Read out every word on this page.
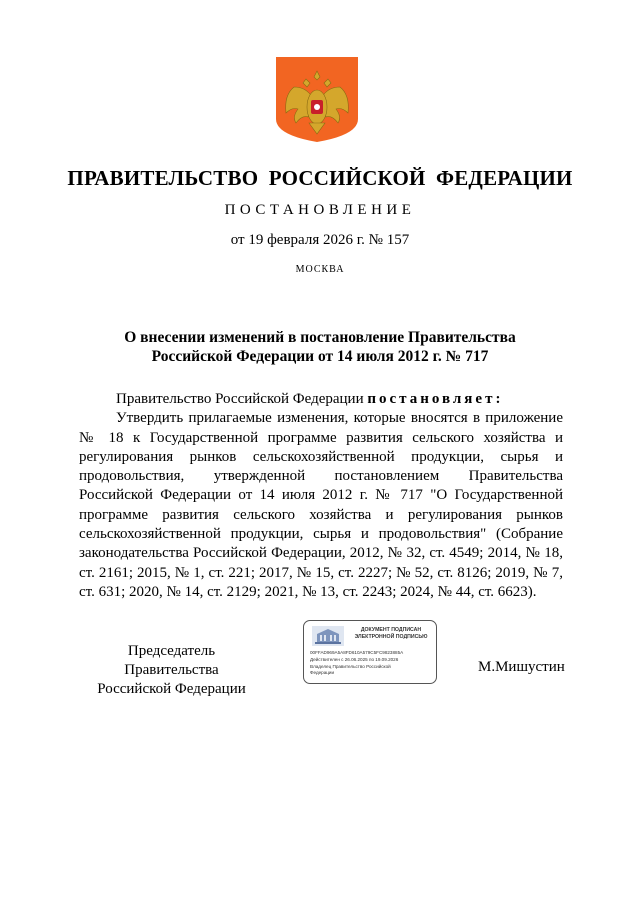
ПРАВИТЕЛЬСТВО РОССИЙСКОЙ ФЕДЕРАЦИИ
ПОСТАНОВЛЕНИЕ
от 19 февраля 2026 г. № 157
МОСКВА
О внесении изменений в постановление Правительства
Российской Федерации от 14 июля 2012 г. № 717

Правительство Российской Федерации постановляет:

Утвердить прилагаемые изменения, которые вносятся в приложение № 18 к Государственной программе развития сельского хозяйства и регулирования рынков сельскохозяйственной продукции, сырья и продовольствия, утвержденной постановлением Правительства Российской Федерации от 14 июля 2012 г. № 717 "О Государственной программе развития сельского хозяйства и регулирования рынков сельскохозяйственной продукции, сырья и продовольствия" (Собрание законодательства Российской Федерации, 2012, № 32, ст. 4549; 2014, № 18, ст. 2161; 2015, № 1, ст. 221; 2017, № 15, ст. 2227; № 52, ст. 8126; 2019, № 7, ст. 631; 2020, № 14, ст. 2129; 2021, № 13, ст. 2243; 2024, № 44, ст. 6623).

Председатель Правительства
Российской Федерации
ДОКУМЕНТ ПОДПИСАН
ЭЛЕКТРОННОЙ ПОДПИСЬЮ
00FFAD969A5A8FD610A579C5FC9823885A
Действителен с 26.06.2025 по 19.09.2026
Владелец Правительство Российской
Федерации	М.Мишустин
